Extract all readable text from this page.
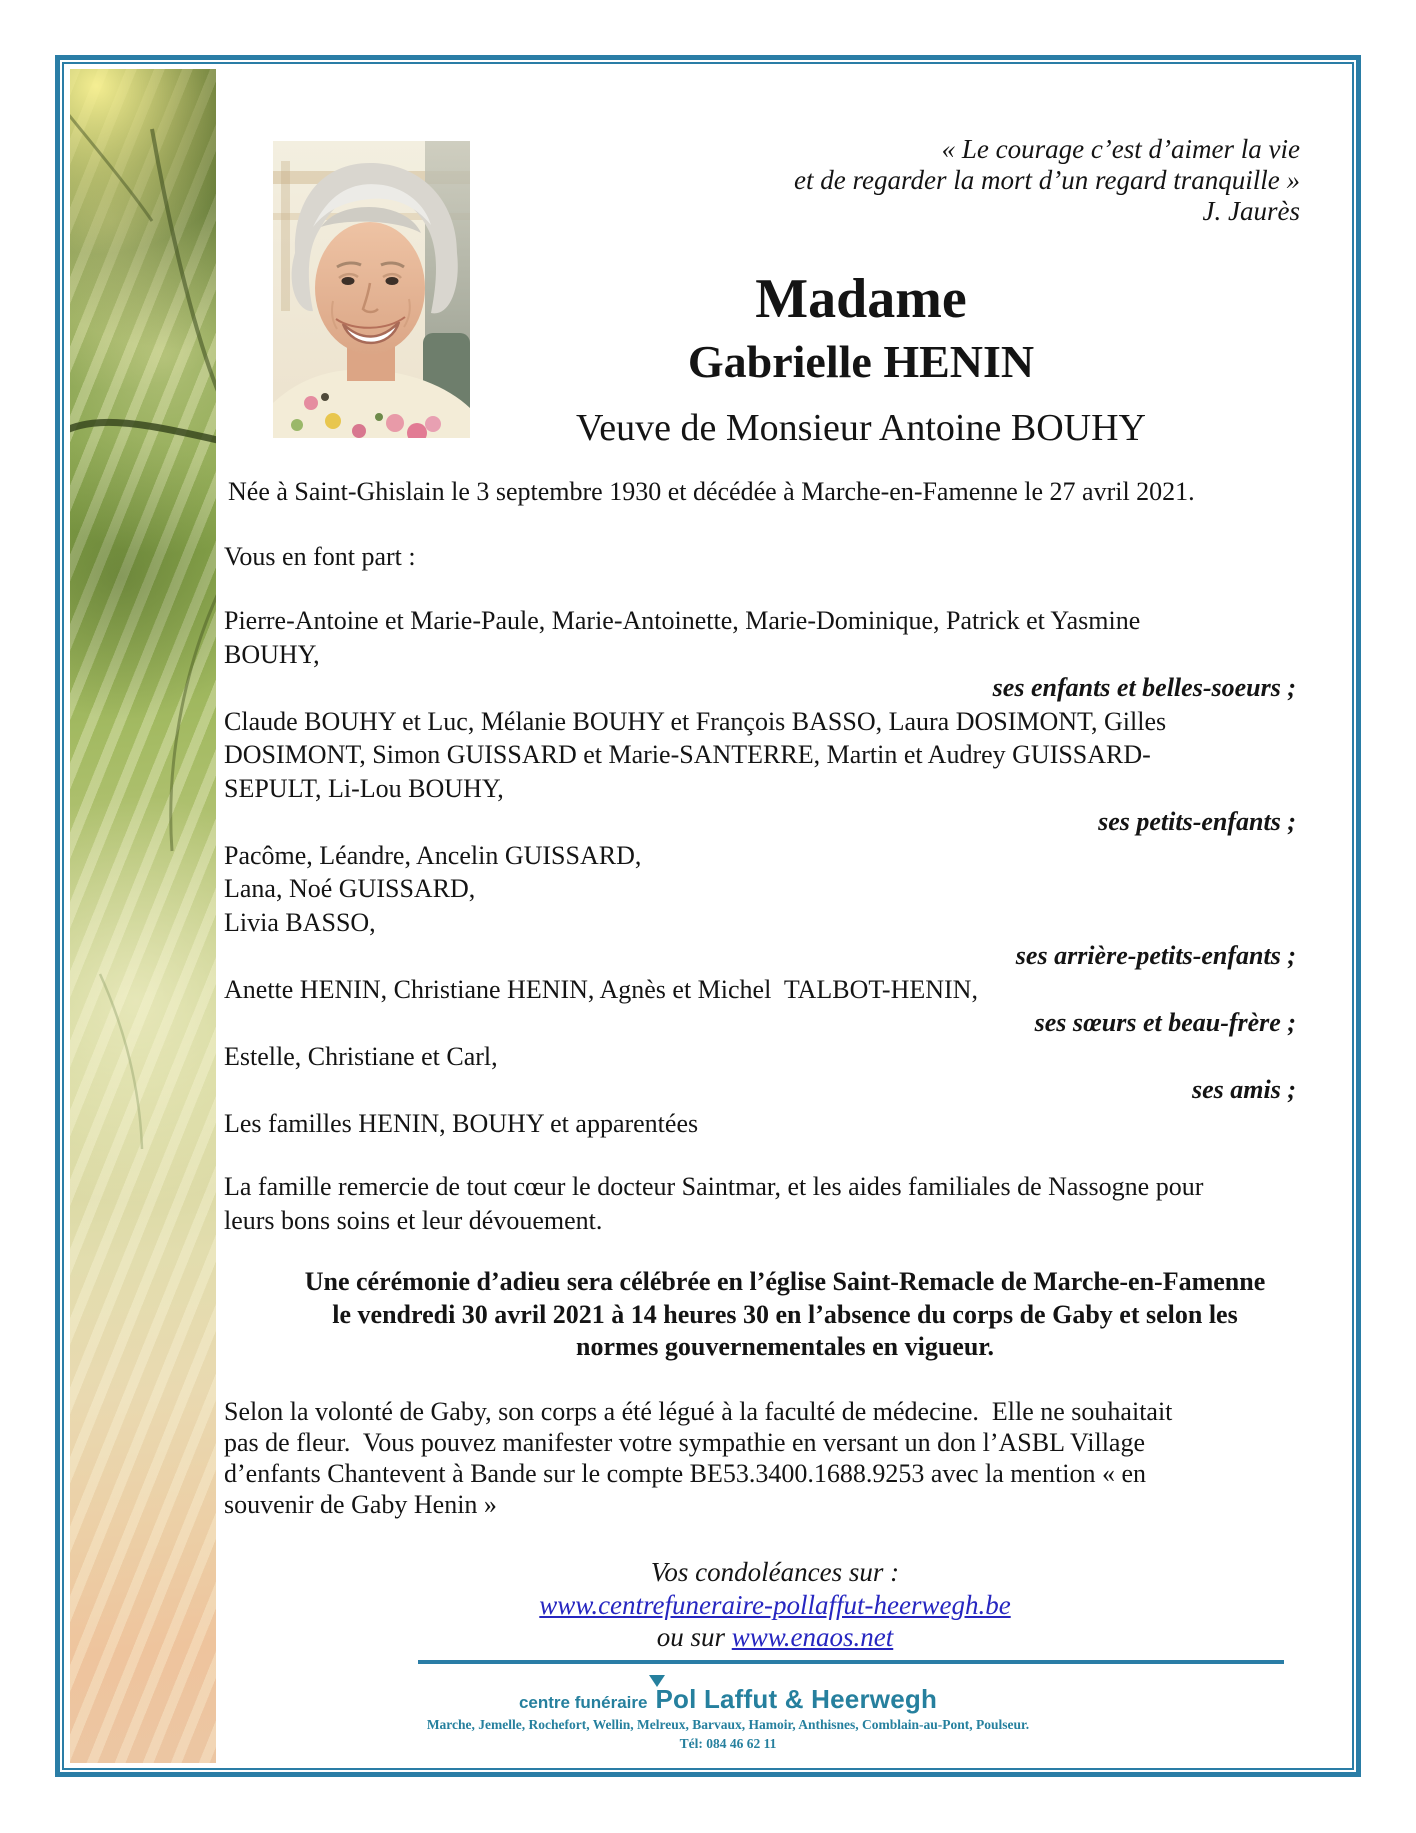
« Le courage c’est d’aimer la vie
et de regarder la mort d’un regard tranquille »
J. Jaurès
Madame
Gabrielle HENIN
Veuve de Monsieur Antoine BOUHY
Née à Saint-Ghislain le 3 septembre 1930 et décédée à Marche-en-Famenne le 27 avril 2021.
Vous en font part :
Pierre-Antoine et Marie-Paule, Marie-Antoinette, Marie-Dominique, Patrick et Yasmine
BOUHY,
ses enfants et belles-soeurs ;
Claude BOUHY et Luc, Mélanie BOUHY et François BASSO, Laura DOSIMONT, Gilles
DOSIMONT, Simon GUISSARD et Marie-SANTERRE, Martin et Audrey GUISSARD-
SEPULT, Li-Lou BOUHY,
ses petits-enfants ;
Pacôme, Léandre, Ancelin GUISSARD,
Lana, Noé GUISSARD,
Livia BASSO,
ses arrière-petits-enfants ;
Anette HENIN, Christiane HENIN, Agnès et Michel  TALBOT-HENIN,
ses sœurs et beau-frère ;
Estelle, Christiane et Carl,
ses amis ;
Les familles HENIN, BOUHY et apparentées
La famille remercie de tout cœur le docteur Saintmar, et les aides familiales de Nassogne pour
leurs bons soins et leur dévouement.
Une cérémonie d’adieu sera célébrée en l’église Saint-Remacle de Marche-en-Famenne
le vendredi 30 avril 2021 à 14 heures 30 en l’absence du corps de Gaby et selon les
normes gouvernementales en vigueur.
Selon la volonté de Gaby, son corps a été légué à la faculté de médecine.  Elle ne souhaitait
pas de fleur.  Vous pouvez manifester votre sympathie en versant un don l’ASBL Village
d’enfants Chantevent à Bande sur le compte BE53.3400.1688.9253 avec la mention « en
souvenir de Gaby Henin »
Vos condoléances sur :
www.centrefuneraire-pollaffut-heerwegh.be
ou sur www.enaos.net
centre funéraire Pol Laffut & Heerwegh
Marche, Jemelle, Rochefort, Wellin, Melreux, Barvaux, Hamoir, Anthisnes, Comblain-au-Pont, Poulseur.
Tél: 084 46 62 11
